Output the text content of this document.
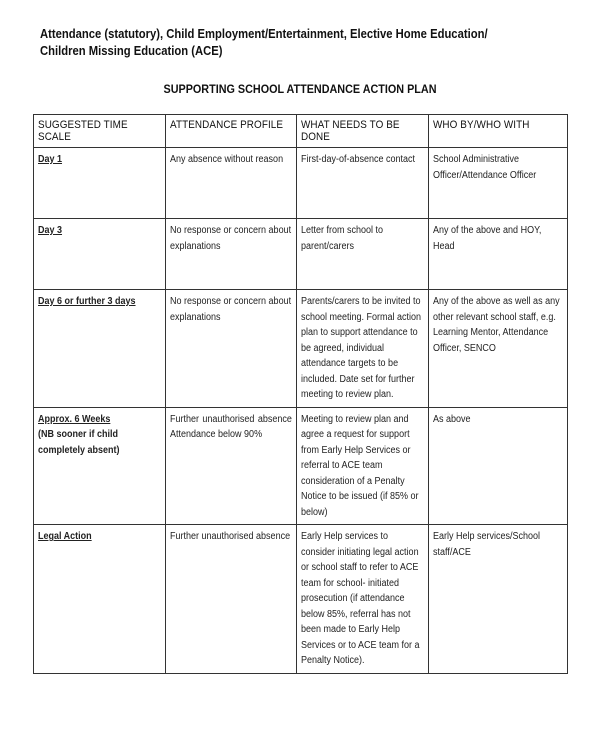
Attendance (statutory), Child Employment/Entertainment, Elective Home Education/ Children Missing Education (ACE)
SUPPORTING SCHOOL ATTENDANCE ACTION PLAN
SUGGESTED TIME SCALE	ATTENDANCE PROFILE	WHAT NEEDS TO BE DONE	WHO BY/WHO WITH

Day 1	Any absence without reason	First-day-of-absence contact	School Administrative Officer/Attendance Officer

Day 3	No response or concern about explanations	Letter from school to parent/carers	Any of the above and HOY, Head

Day 6 or further 3 days	No response or concern about explanations	Parents/carers to be invited to school meeting. Formal action plan to support attendance to be agreed, individual attendance targets to be included. Date set for further meeting to review plan.	Any of the above as well as any other relevant school staff, e.g. Learning Mentor, Attendance Officer, SENCO

Approx. 6 Weeks
(NB sooner if child completely absent)	Further unauthorised absence Attendance below 90%	Meeting to review plan and agree a request for support from Early Help Services or referral to ACE team consideration of a Penalty Notice to be issued (if 85% or below)	As above

Legal Action	Further unauthorised absence	Early Help services to consider initiating legal action or school staff to refer to ACE team for school- initiated prosecution (if attendance below 85%, referral has not been made to Early Help Services or to ACE team for a Penalty Notice).	Early Help services/School staff/ACE
